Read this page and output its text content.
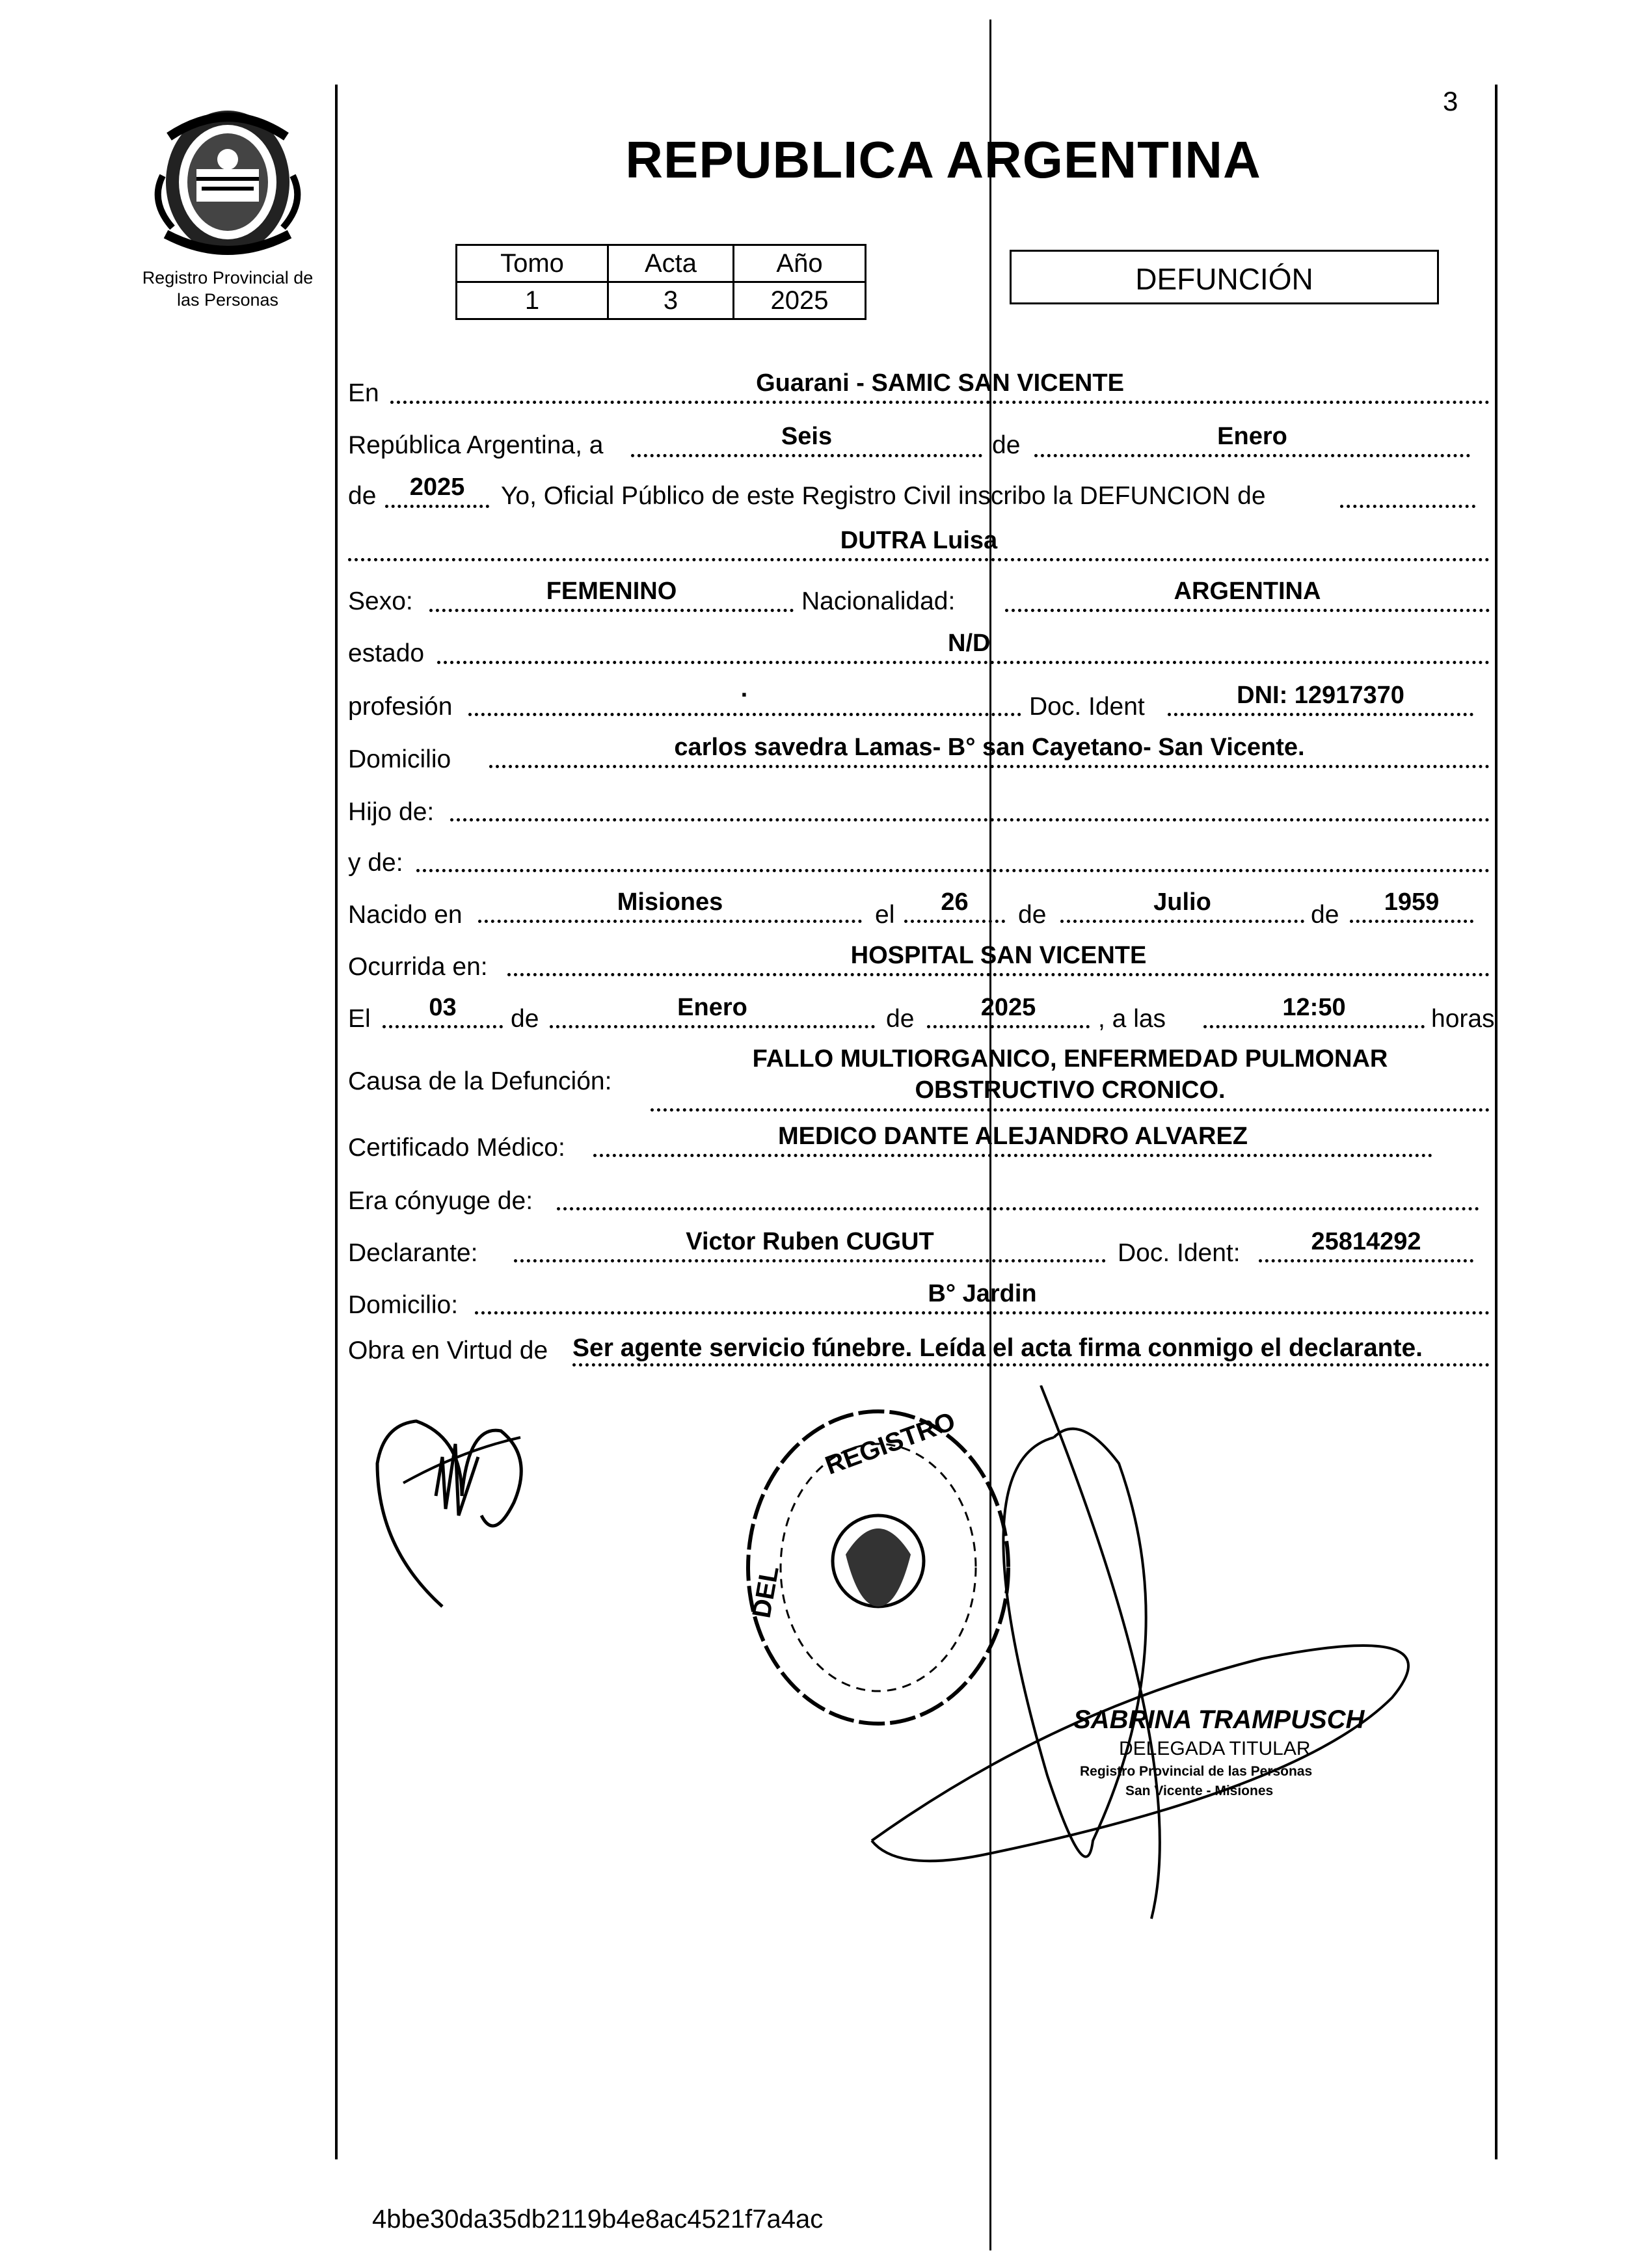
3
Registro Provincial de
las Personas
REPUBLICA ARGENTINA
Tomo	Acta	Año
1	3	2025
DEFUNCIÓN
En	Guarani - SAMIC SAN VICENTE
República Argentina, a	Seis	de	Enero
de	2025	Yo, Oficial Público de este Registro Civil inscribo la DEFUNCION de
DUTRA Luisa
Sexo:	FEMENINO	Nacionalidad:	ARGENTINA
estado	N/D
profesión	·	Doc. Ident	DNI: 12917370
Domicilio	carlos savedra Lamas- B° san Cayetano- San Vicente.
Hijo de:
y de:
Nacido en	Misiones	el	26	de	Julio	de	1959
Ocurrida en:	HOSPITAL SAN VICENTE
El	03	de	Enero	de	2025	, a las	12:50	horas
Causa de la Defunción:
FALLO MULTIORGANICO, ENFERMEDAD PULMONAR
OBSTRUCTIVO CRONICO.
Certificado Médico:	MEDICO DANTE ALEJANDRO ALVAREZ
Era cónyuge de:
Declarante:	Victor Ruben CUGUT	Doc. Ident:	25814292
Domicilio:	B° Jardin
Obra en Virtud de Ser agente servicio fúnebre. Leída el acta firma conmigo el declarante.
REGISTRO
DEL
SABRINA TRAMPUSCH
DELEGADA TITULAR
Registro Provincial de las Personas
San Vicente - Misiones
4bbe30da35db2119b4e8ac4521f7a4ac
